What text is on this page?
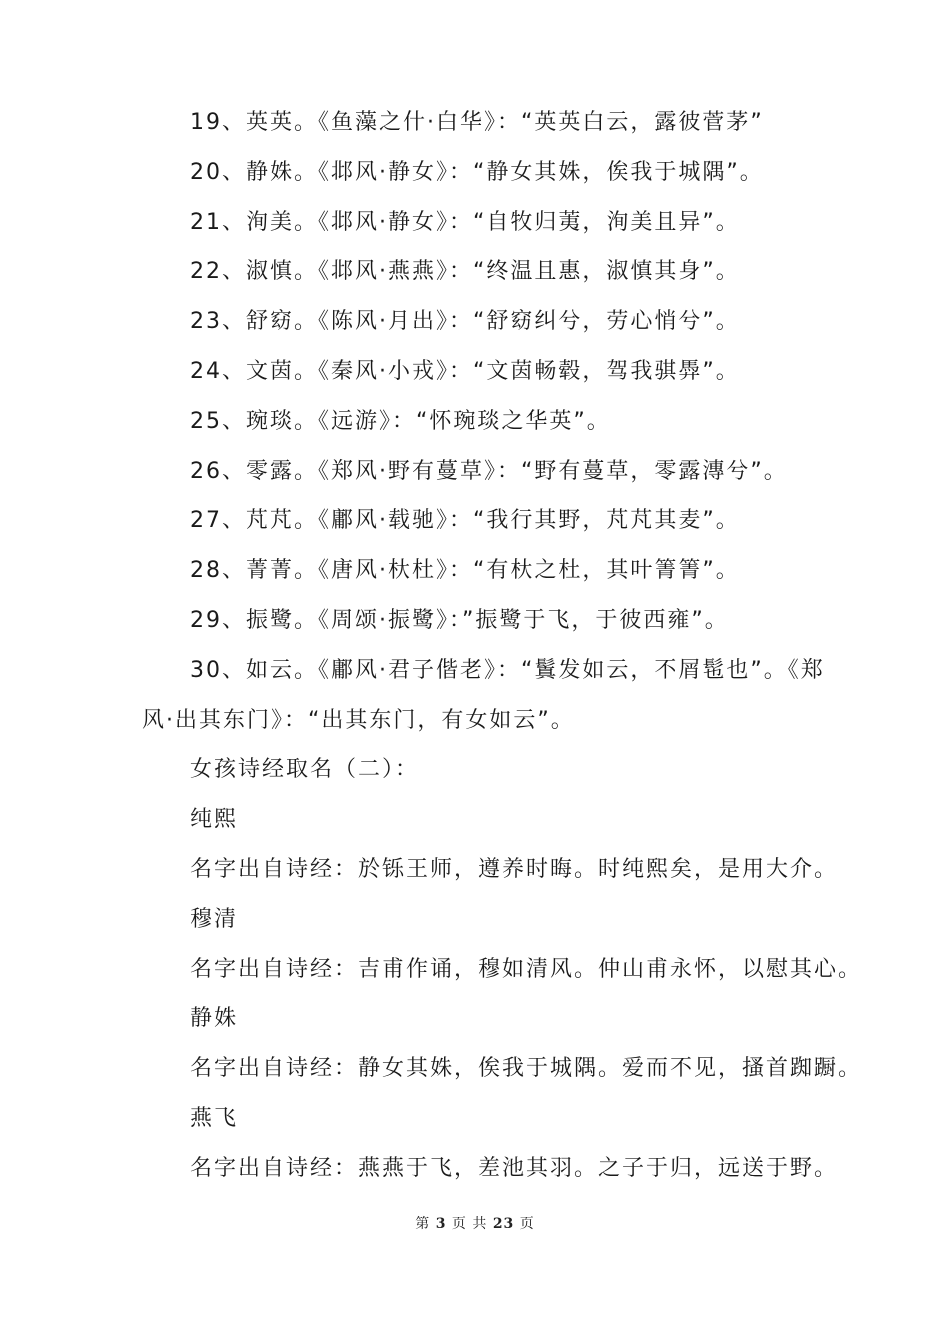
19、英英。《鱼藻之什·白华》：“英英白云，露彼菅茅”
20、静姝。《邶风·静女》：“静女其姝，俟我于城隅”。
21、洵美。《邶风·静女》：“自牧归荑，洵美且异”。
22、淑慎。《邶风·燕燕》：“终温且惠，淑慎其身”。
23、舒窈。《陈风·月出》：“舒窈纠兮，劳心悄兮”。
24、文茵。《秦风·小戎》：“文茵畅毂，驾我骐馵”。
25、琬琰。《远游》：“怀琬琰之华英”。
26、零露。《郑风·野有蔓草》：“野有蔓草，零露漙兮”。
27、芃芃。《鄘风·载驰》：“我行其野，芃芃其麦”。
28、菁菁。《唐风·杕杜》：“有杕之杜，其叶箐箐”。
29、振鹭。《周颂·振鹭》：”振鹭于飞，于彼西雍”。
30、如云。《鄘风·君子偕老》：“鬒发如云，不屑髢也”。《郑
风·出其东门》：“出其东门，有女如云”。
女孩诗经取名（二）：
纯熙
名字出自诗经：於铄王师，遵养时晦。时纯熙矣，是用大介。
穆清
名字出自诗经：吉甫作诵，穆如清风。仲山甫永怀，以慰其心。
静姝
名字出自诗经：静女其姝，俟我于城隅。爱而不见，搔首踟蹰。
燕飞
名字出自诗经：燕燕于飞，差池其羽。之子于归，远送于野。
第 3 页 共 23 页
